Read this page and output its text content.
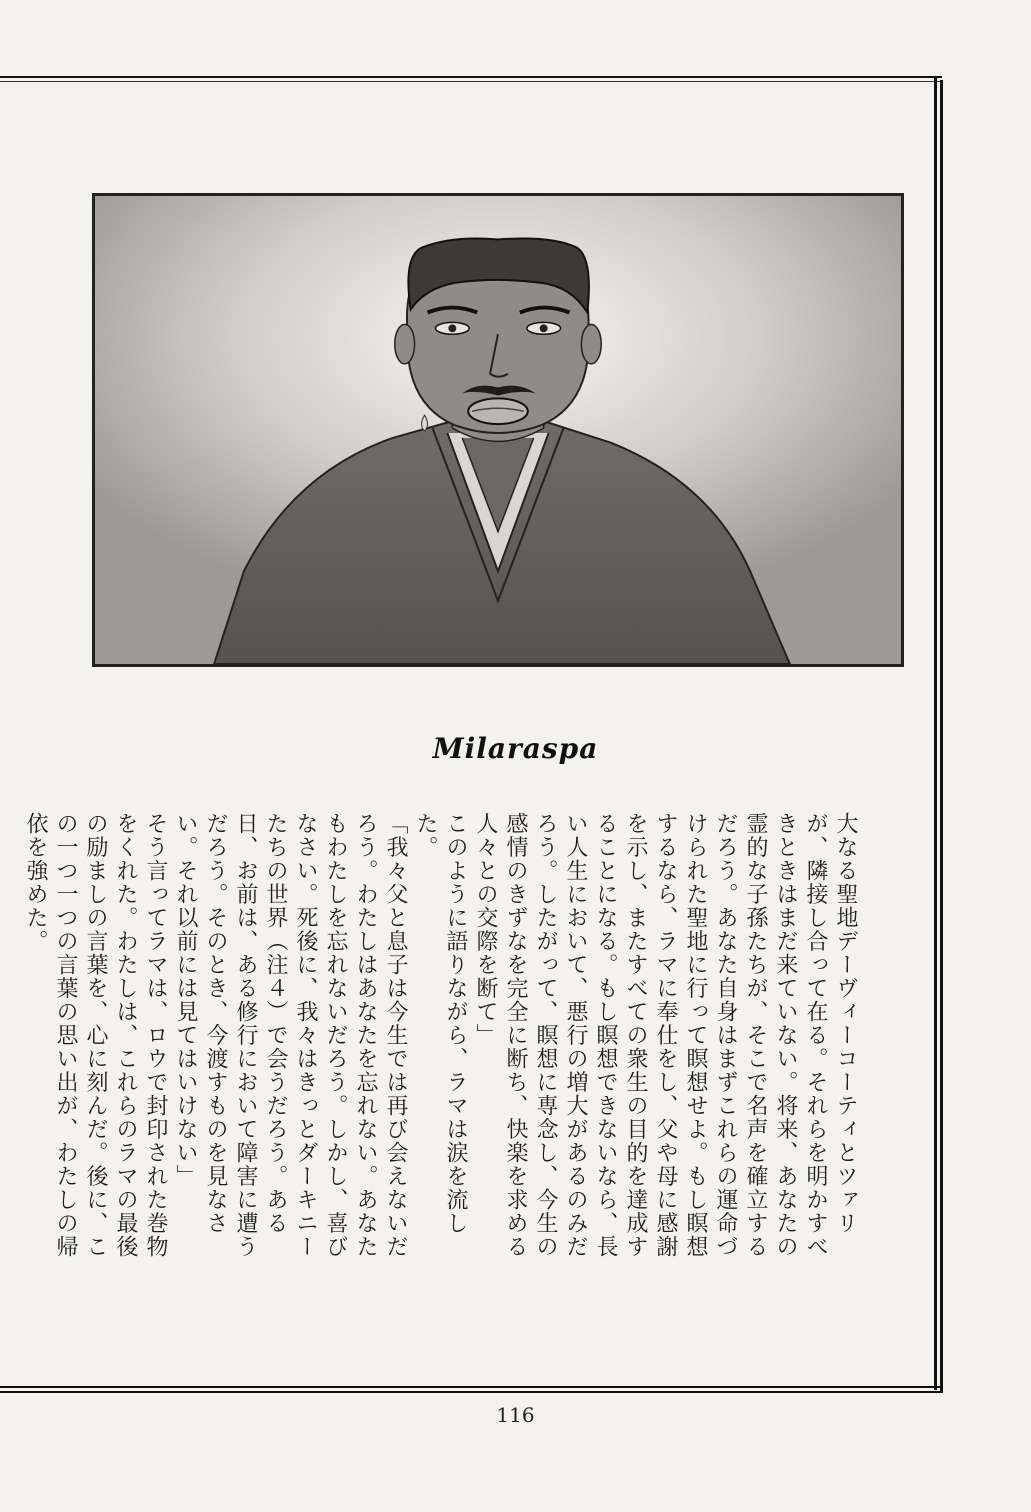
Milaraspa

大なる聖地デーヴィーコーティとツァリが、隣接し合って在る。それらを明かすべきときはまだ来ていない。将来、あなたの霊的な子孫たちが、そこで名声を確立するだろう。あなた自身はまずこれらの運命づけられた聖地に行って瞑想せよ。もし瞑想するなら、ラマに奉仕をし、父や母に感謝を示し、またすべての衆生の目的を達成することになる。もし瞑想できないなら、長い人生において、悪行の増大があるのみだろう。したがって、瞑想に専念し、今生の感情のきずなを完全に断ち、快楽を求める人々との交際を断て」

このように語りながら、ラマは涙を流した。

「我々父と息子は今生では再び会えないだろう。わたしはあなたを忘れない。あなたもわたしを忘れないだろう。しかし、喜びなさい。死後に、我々はきっとダーキニーたちの世界（注４）で会うだろう。ある日、お前は、ある修行において障害に遭うだろう。そのとき、今渡すものを見なさい。それ以前には見てはいけない」

そう言ってラマは、ロウで封印された巻物をくれた。わたしは、これらのラマの最後の励ましの言葉を、心に刻んだ。後に、この一つ一つの言葉の思い出が、わたしの帰依を強めた。

116
